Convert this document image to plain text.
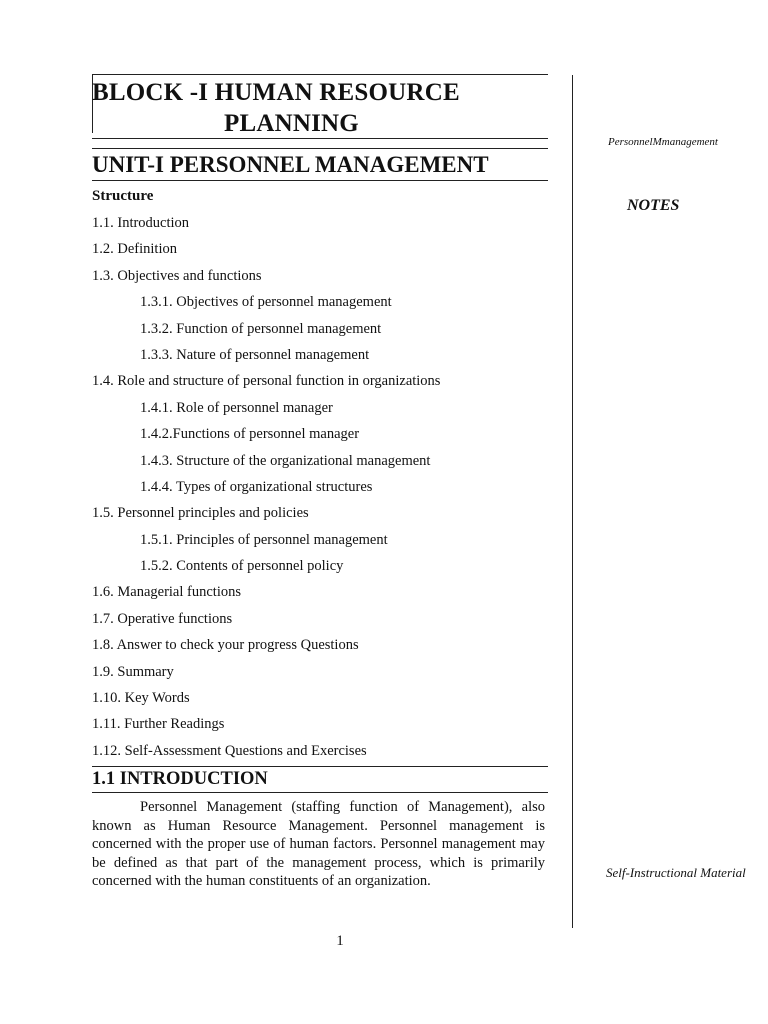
BLOCK -I HUMAN RESOURCE
PLANNING
UNIT-I PERSONNEL MANAGEMENT
Structure
1.1. Introduction
1.2. Definition
1.3. Objectives and functions
1.3.1. Objectives of personnel management
1.3.2. Function of personnel management
1.3.3. Nature of personnel management
1.4. Role and structure of personal function in organizations
1.4.1. Role of personnel manager
1.4.2.Functions of personnel manager
1.4.3. Structure of the organizational management
1.4.4. Types of organizational structures
1.5. Personnel principles and policies
1.5.1. Principles of personnel management
1.5.2. Contents of personnel policy
1.6. Managerial functions
1.7. Operative functions
1.8. Answer to check your progress Questions
1.9. Summary
1.10. Key Words
1.11. Further Readings
1.12. Self-Assessment Questions and Exercises
1.1 INTRODUCTION
Personnel Management (staffing function of Management), also known as Human Resource Management. Personnel management is concerned with the proper use of human factors. Personnel management may be defined as that part of the management process, which is primarily concerned with the human constituents of an organization.
1
PersonnelMmanagement
NOTES
Self-Instructional Material
